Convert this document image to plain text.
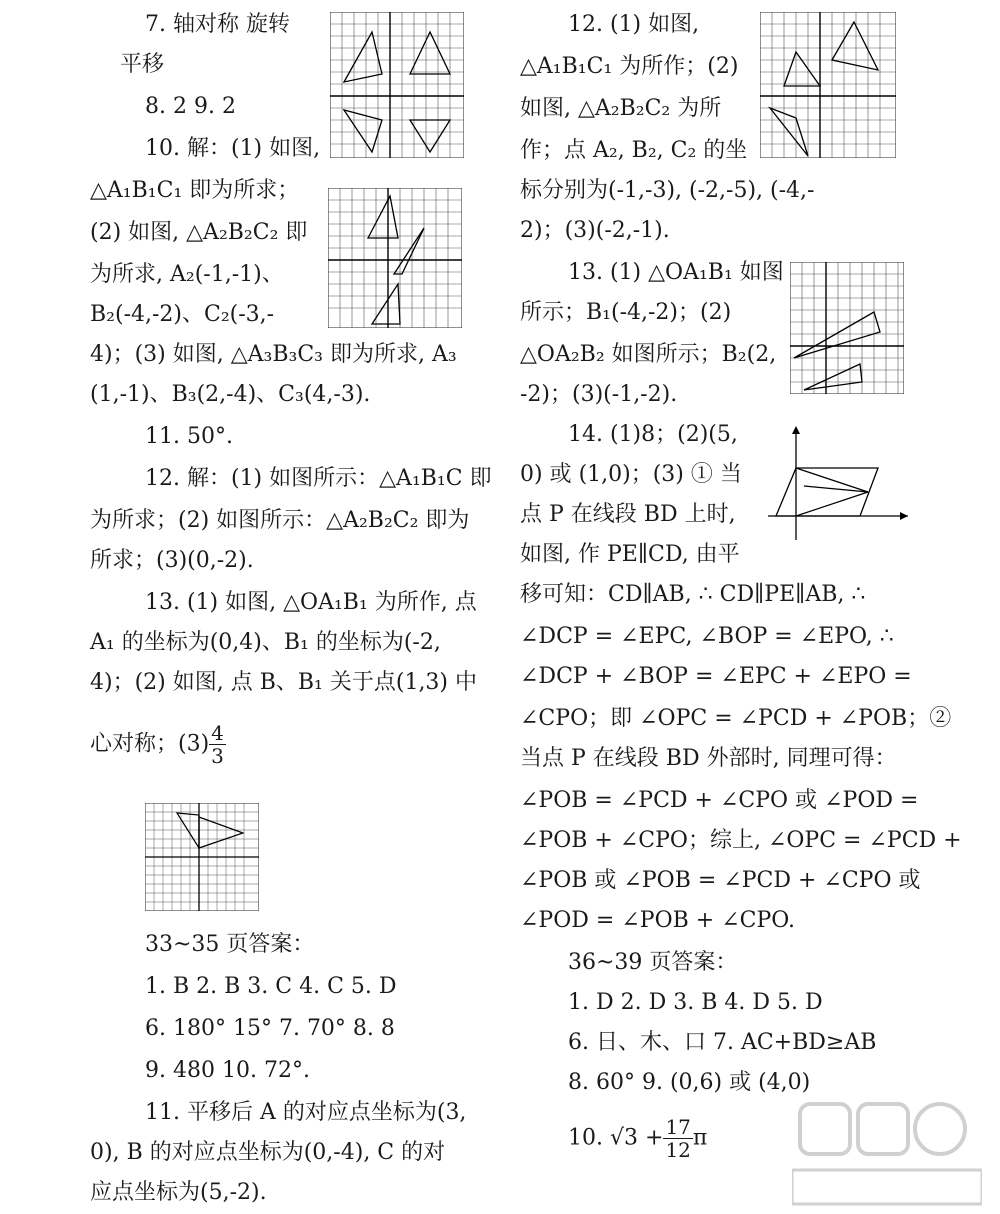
7. 轴对称 旋转
平移
8. 2 9. 2
10. 解：(1) 如图,
△A₁B₁C₁ 即为所求；
(2) 如图, △A₂B₂C₂ 即
为所求, A₂(-1,-1)、
B₂(-4,-2)、C₂(-3,-
4)；(3) 如图, △A₃B₃C₃ 即为所求, A₃
(1,-1)、B₃(2,-4)、C₃(4,-3).
11. 50°.
12. 解：(1) 如图所示：△A₁B₁C 即
为所求；(2) 如图所示：△A₂B₂C₂ 即为
所求；(3)(0,-2).
13. (1) 如图, △OA₁B₁ 为所作, 点
A₁ 的坐标为(0,4)、B₁ 的坐标为(-2,
4)；(2) 如图, 点 B、B₁ 关于点(1,3) 中
心对称；$(3) \frac{4}{3}$
33~35 页答案：
1. B 2. B 3. C 4. C 5. D
6. 180° 15° 7. 70° 8. 8
9. 480 10. 72°.
11. 平移后 A 的对应点坐标为(3,
0), B 的对应点坐标为(0,-4), C 的对
应点坐标为(5,-2).
12. (1) 如图,
△A₁B₁C₁ 为所作；(2)
如图, △A₂B₂C₂ 为所
作；点 A₂, B₂, C₂ 的坐
标分别为(-1,-3), (-2,-5), (-4,-
2)；(3)(-2,-1).
13. (1) △OA₁B₁ 如图
所示；B₁(-4,-2)；(2)
△OA₂B₂ 如图所示；B₂(2,
-2)；(3)(-1,-2).
14. (1)8；(2)(5,
0) 或 (1,0)；(3) ① 当
点 P 在线段 BD 上时,
如图, 作 PE∥CD, 由平
移可知：CD∥AB, ∴ CD∥PE∥AB, ∴
∠DCP = ∠EPC, ∠BOP = ∠EPO, ∴
∠DCP + ∠BOP = ∠EPC + ∠EPO =
∠CPO；即 ∠OPC = ∠PCD + ∠POB；②
当点 P 在线段 BD 外部时, 同理可得：
∠POB = ∠PCD + ∠CPO 或 ∠POD =
∠POB + ∠CPO；综上, ∠OPC = ∠PCD +
∠POB 或 ∠POB = ∠PCD + ∠CPO 或
∠POD = ∠POB + ∠CPO.
36~39 页答案：
1. D 2. D 3. B 4. D 5. D
6. 日、木、口 7. AC+BD≥AB
8. 60° 9. (0,6) 或 (4,0)
10. $√3 + \frac{17}{12}$ π
